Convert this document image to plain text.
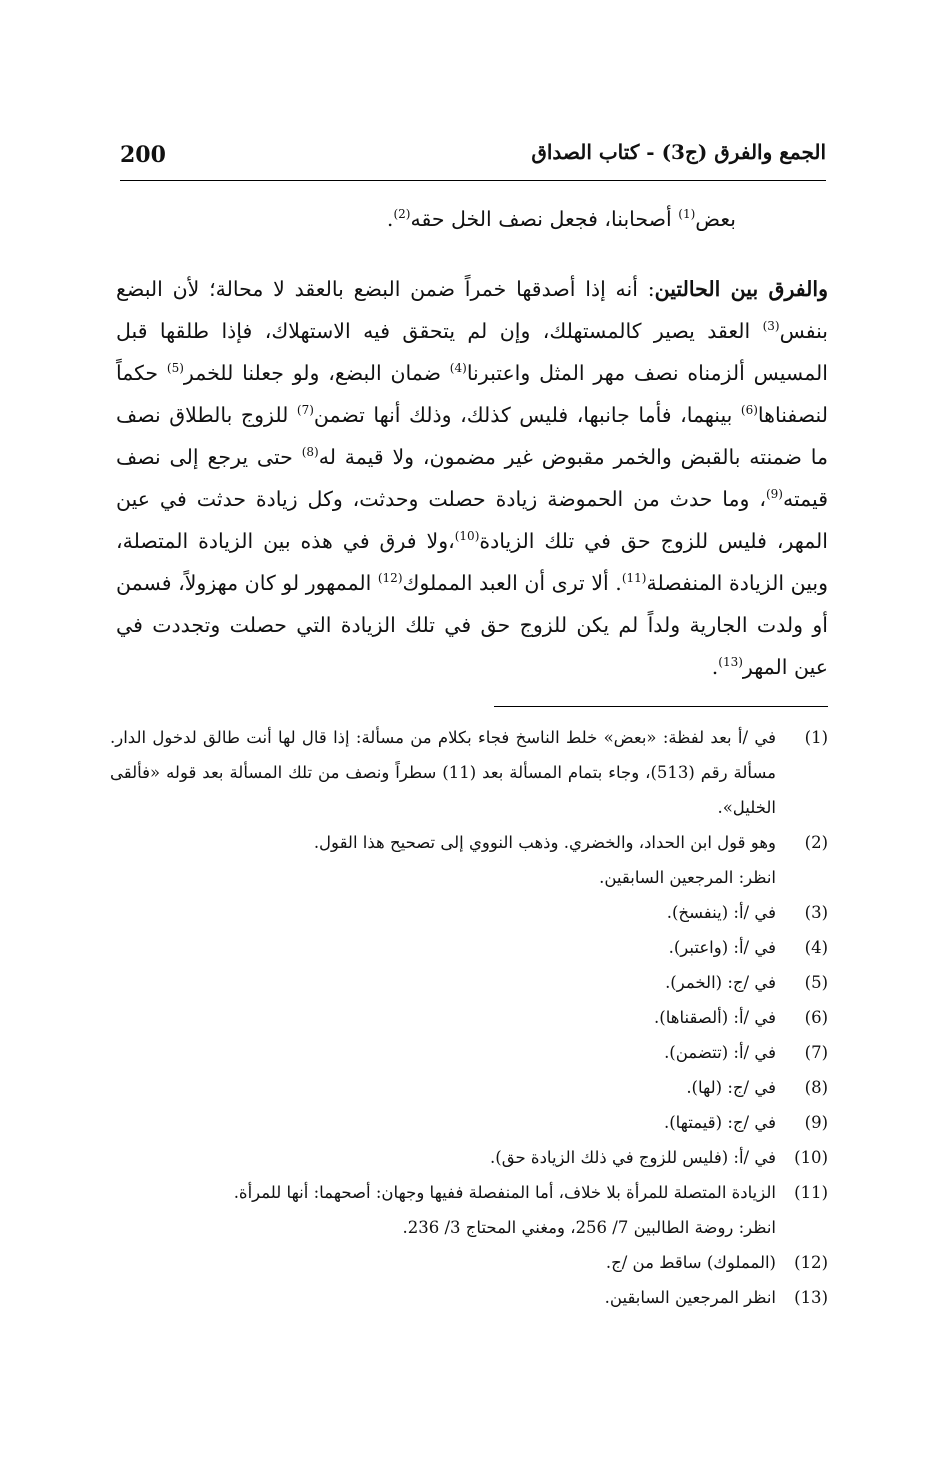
200	الجمع والفرق (ج3) - كتاب الصداق

بعض$^{(1)}$ أصحابنا، فجعل نصف الخل حقه$^{(2)}$.

والفرق بين الحالتين: أنه إذا أصدقها خمراً ضمن البضع بالعقد لا محالة؛ لأن البضع بنفس$^{(3)}$ العقد يصير كالمستهلك، وإن لم يتحقق فيه الاستهلاك، فإذا طلقها قبل المسيس ألزمناه نصف مهر المثل واعتبرنا$^{(4)}$ ضمان البضع، ولو جعلنا للخمر$^{(5)}$ حكماً لنصفناها$^{(6)}$ بينهما، فأما جانبها، فليس كذلك، وذلك أنها تضمن$^{(7)}$ للزوج بالطلاق نصف ما ضمنته بالقبض والخمر مقبوض غير مضمون، ولا قيمة له$^{(8)}$ حتى يرجع إلى نصف قيمته$^{(9)}$، وما حدث من الحموضة زيادة حصلت وحدثت، وكل زيادة حدثت في عين المهر، فليس للزوج حق في تلك الزيادة$^{(10)}$،ولا فرق في هذه بين الزيادة المتصلة، وبين الزيادة المنفصلة$^{(11)}$. ألا ترى أن العبد المملوك$^{(12)}$ الممهور لو كان مهزولاً، فسمن أو ولدت الجارية ولداً لم يكن للزوج حق في تلك الزيادة التي حصلت وتجددت في عين المهر$^{(13)}$.

(1)
في /أ بعد لفظة: «بعض» خلط الناسخ فجاء بكلام من مسألة: إذا قال لها أنت طالق لدخول الدار. مسألة رقم (513)، وجاء بتمام المسألة بعد (11) سطراً ونصف من تلك المسألة بعد قوله «فألقى الخليل».
(2)
وهو قول ابن الحداد، والخضري. وذهب النووي إلى تصحيح هذا القول.
انظر: المرجعين السابقين.
(3)
في /أ: (ينفسخ).
(4)
في /أ: (واعتبر).
(5)
في /ج: (الخمر).
(6)
في /أ: (ألصقناها).
(7)
في /أ: (تتضمن).
(8)
في /ج: (لها).
(9)
في /ج: (قيمتها).
(10)
في /أ: (فليس للزوج في ذلك الزيادة حق).
(11)
الزيادة المتصلة للمرأة بلا خلاف، أما المنفصلة ففيها وجهان: أصحهما: أنها للمرأة.
انظر: روضة الطالبين 7/ 256، ومغني المحتاج 3/ 236.
(12)
(المملوك) ساقط من /ج.
(13)
انظر المرجعين السابقين.
